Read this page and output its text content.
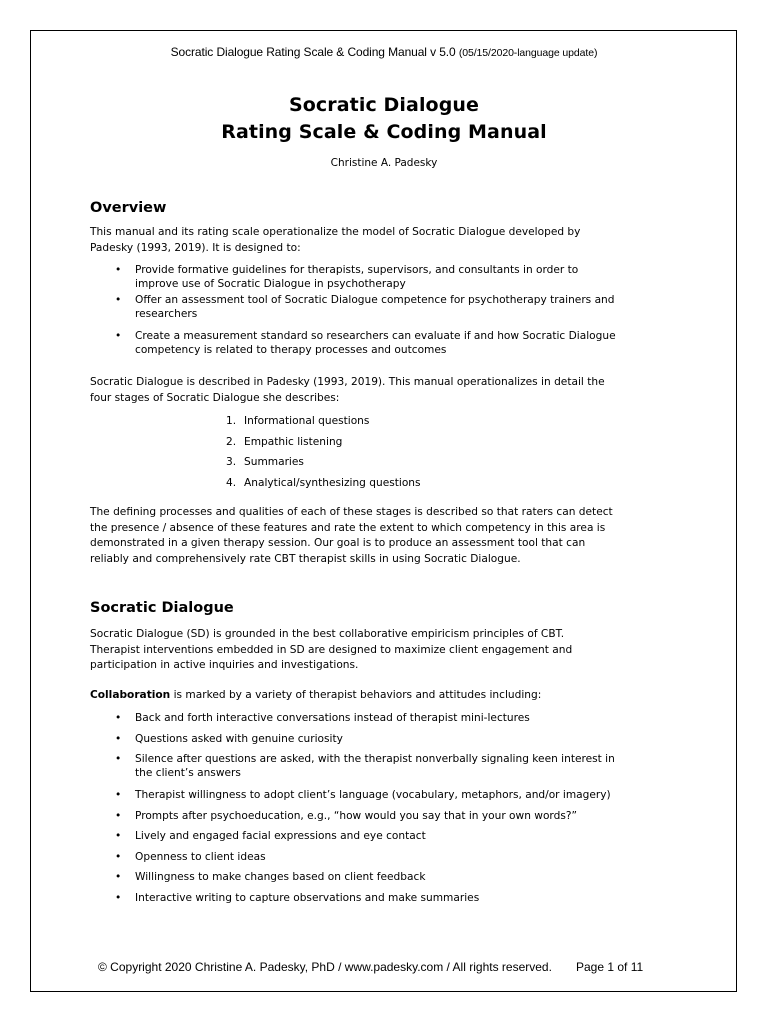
Socratic Dialogue Rating Scale & Coding Manual v 5.0 (05/15/2020-language update)
Socratic Dialogue
Rating Scale & Coding Manual
Christine A. Padesky
Overview
This manual and its rating scale operationalize the model of Socratic Dialogue developed by
Padesky (1993, 2019). It is designed to:
• Provide formative guidelines for therapists, supervisors, and consultants in order to
improve use of Socratic Dialogue in psychotherapy
• Offer an assessment tool of Socratic Dialogue competence for psychotherapy trainers and
researchers
• Create a measurement standard so researchers can evaluate if and how Socratic Dialogue
competency is related to therapy processes and outcomes
Socratic Dialogue is described in Padesky (1993, 2019). This manual operationalizes in detail the
four stages of Socratic Dialogue she describes:
1. Informational questions
2. Empathic listening
3. Summaries
4. Analytical/synthesizing questions
The defining processes and qualities of each of these stages is described so that raters can detect
the presence / absence of these features and rate the extent to which competency in this area is
demonstrated in a given therapy session. Our goal is to produce an assessment tool that can
reliably and comprehensively rate CBT therapist skills in using Socratic Dialogue.
Socratic Dialogue
Socratic Dialogue (SD) is grounded in the best collaborative empiricism principles of CBT.
Therapist interventions embedded in SD are designed to maximize client engagement and
participation in active inquiries and investigations.
Collaboration is marked by a variety of therapist behaviors and attitudes including:
• Back and forth interactive conversations instead of therapist mini-lectures
• Questions asked with genuine curiosity
• Silence after questions are asked, with the therapist nonverbally signaling keen interest in
the client’s answers
• Therapist willingness to adopt client’s language (vocabulary, metaphors, and/or imagery)
• Prompts after psychoeducation, e.g., “how would you say that in your own words?”
• Lively and engaged facial expressions and eye contact
• Openness to client ideas
• Willingness to make changes based on client feedback
• Interactive writing to capture observations and make summaries
© Copyright 2020 Christine A. Padesky, PhD / www.padesky.com / All rights reserved. Page 1 of 11
